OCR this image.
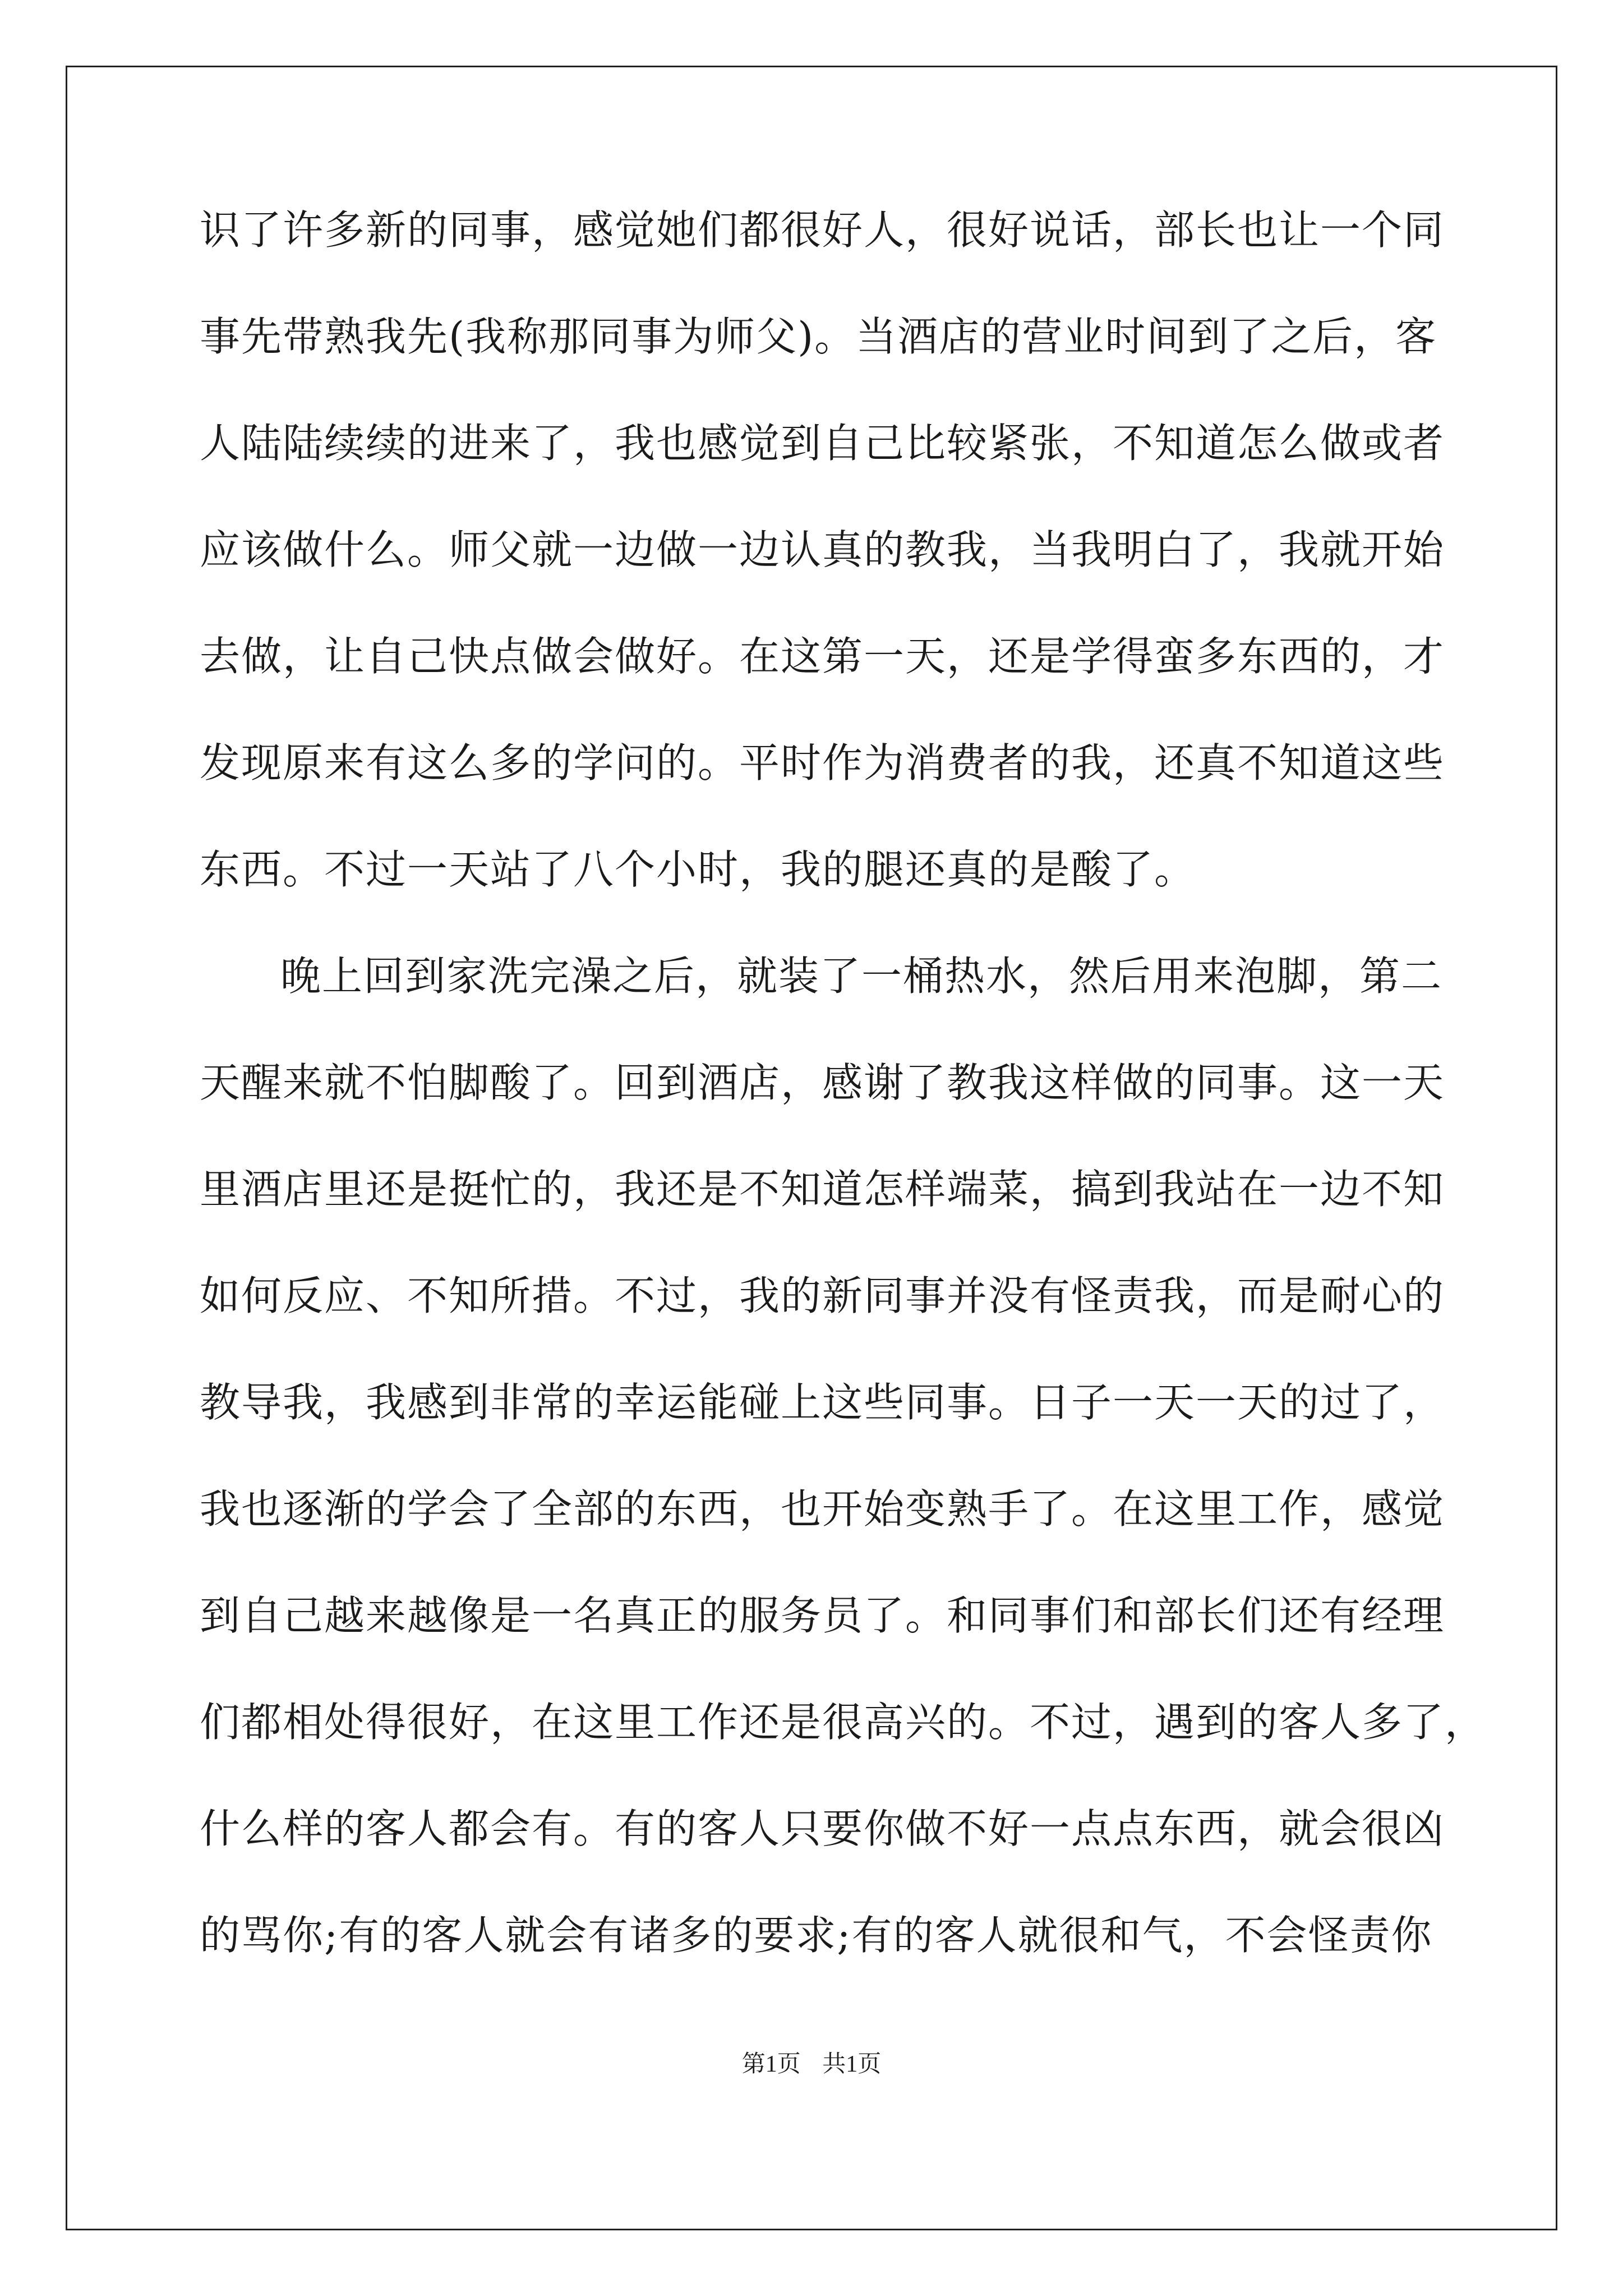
识了许多新的同事，感觉她们都很好人，很好说话，部长也让一个同
事先带熟我先(我称那同事为师父)。当酒店的营业时间到了之后，客
人陆陆续续的进来了，我也感觉到自己比较紧张，不知道怎么做或者
应该做什么。师父就一边做一边认真的教我，当我明白了，我就开始
去做，让自己快点做会做好。在这第一天，还是学得蛮多东西的，才
发现原来有这么多的学问的。平时作为消费者的我，还真不知道这些
东西。不过一天站了八个小时，我的腿还真的是酸了。
晚上回到家洗完澡之后，就装了一桶热水，然后用来泡脚，第二
天醒来就不怕脚酸了。回到酒店，感谢了教我这样做的同事。这一天
里酒店里还是挺忙的，我还是不知道怎样端菜，搞到我站在一边不知
如何反应、不知所措。不过，我的新同事并没有怪责我，而是耐心的
教导我，我感到非常的幸运能碰上这些同事。日子一天一天的过了，
我也逐渐的学会了全部的东西，也开始变熟手了。在这里工作，感觉
到自己越来越像是一名真正的服务员了。和同事们和部长们还有经理
们都相处得很好，在这里工作还是很高兴的。不过，遇到的客人多了，
什么样的客人都会有。有的客人只要你做不好一点点东西，就会很凶
的骂你;有的客人就会有诸多的要求;有的客人就很和气，不会怪责你
第1页 共1页
